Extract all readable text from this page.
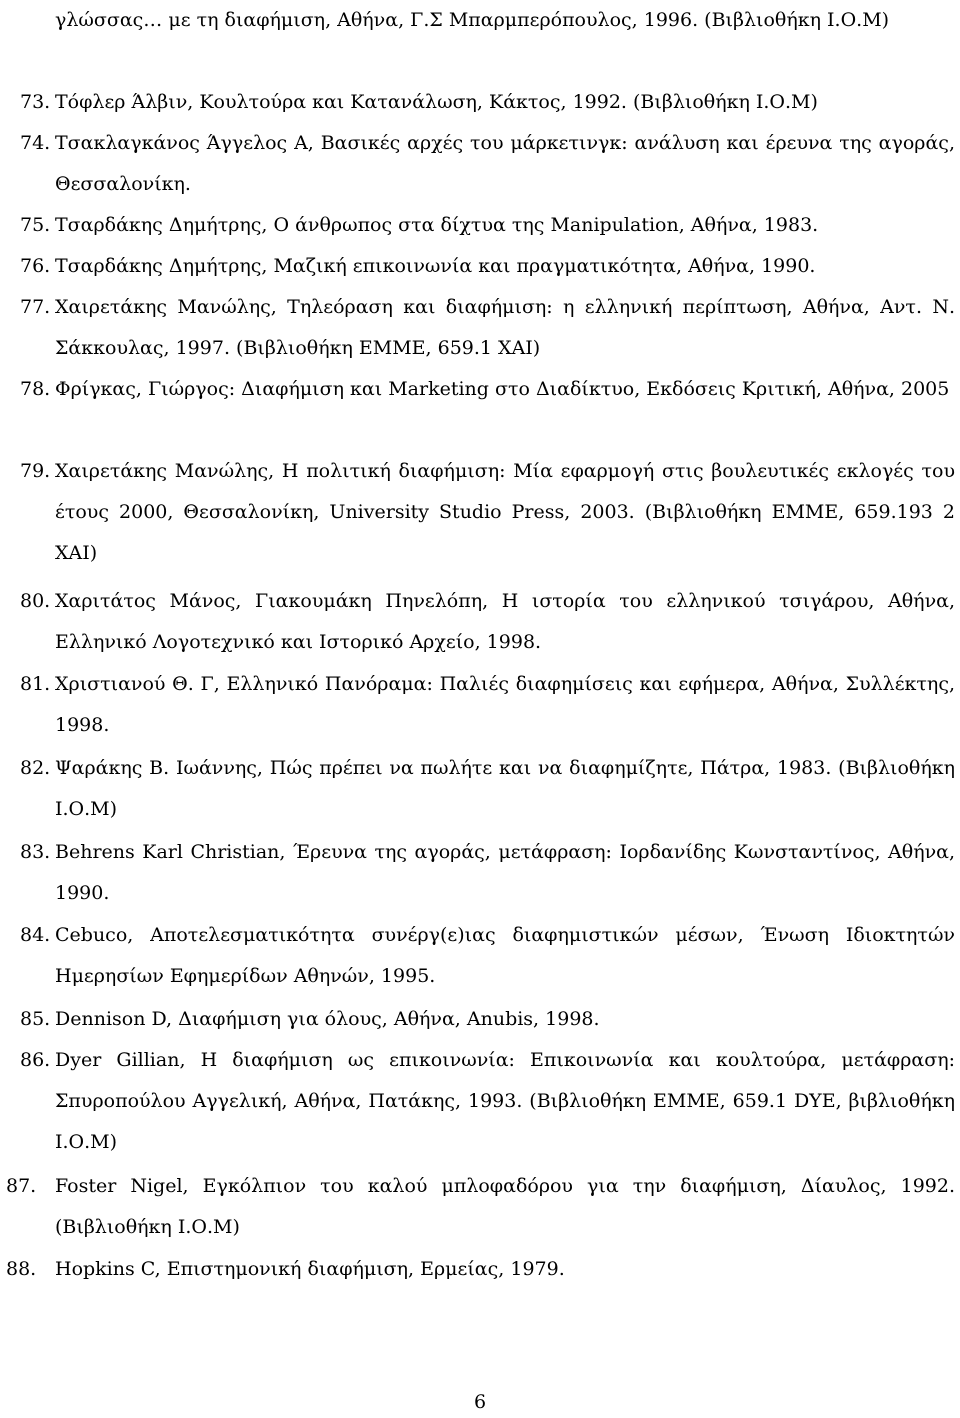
γλώσσας… με τη διαφήμιση, Αθήνα, Γ.Σ Μπαρμπερόπουλος, 1996. (Βιβλιοθήκη Ι.Ο.Μ)
73. Τόφλερ Άλβιν, Κουλτούρα και Κατανάλωση, Κάκτος, 1992. (Βιβλιοθήκη Ι.Ο.Μ)
74. Τσακλαγκάνος Άγγελος Α, Βασικές αρχές του μάρκετινγκ: ανάλυση και έρευνα της αγοράς, Θεσσαλονίκη.
75. Τσαρδάκης Δημήτρης, Ο άνθρωπος στα δίχτυα της Manipulation, Αθήνα, 1983.
76. Τσαρδάκης Δημήτρης, Μαζική επικοινωνία και πραγματικότητα, Αθήνα, 1990.
77. Χαιρετάκης Μανώλης, Τηλεόραση και διαφήμιση: η ελληνική περίπτωση, Αθήνα, Αντ. Ν. Σάκκουλας, 1997. (Βιβλιοθήκη ΕΜΜΕ, 659.1 ΧΑΙ)
78. Φρίγκας, Γιώργος: Διαφήμιση και Marketing στο Διαδίκτυο, Εκδόσεις Κριτική, Αθήνα, 2005
79. Χαιρετάκης Μανώλης, Η πολιτική διαφήμιση: Μία εφαρμογή στις βουλευτικές εκλογές του έτους 2000, Θεσσαλονίκη, University Studio Press, 2003. (Βιβλιοθήκη ΕΜΜΕ, 659.193 2 ΧΑΙ)
80. Χαριτάτος Μάνος, Γιακουμάκη Πηνελόπη, Η ιστορία του ελληνικού τσιγάρου, Αθήνα, Ελληνικό Λογοτεχνικό και Ιστορικό Αρχείο, 1998.
81. Χριστιανού Θ. Γ, Ελληνικό Πανόραμα: Παλιές διαφημίσεις και εφήμερα, Αθήνα, Συλλέκτης, 1998.
82. Ψαράκης Β. Ιωάννης, Πώς πρέπει να πωλήτε και να διαφημίζητε, Πάτρα, 1983. (Βιβλιοθήκη Ι.Ο.Μ)
83. Behrens Karl Christian, Έρευνα της αγοράς, μετάφραση: Ιορδανίδης Κωνσταντίνος, Αθήνα, 1990.
84. Cebuco, Αποτελεσματικότητα συνέργ(ε)ιας διαφημιστικών μέσων, Ένωση Ιδιοκτητών Ημερησίων Εφημερίδων Αθηνών, 1995.
85. Dennison D, Διαφήμιση για όλους, Αθήνα, Anubis, 1998.
86. Dyer Gillian, Η διαφήμιση ως επικοινωνία: Επικοινωνία και κουλτούρα, μετάφραση: Σπυροπούλου Αγγελική, Αθήνα, Πατάκης, 1993. (Βιβλιοθήκη ΕΜΜΕ, 659.1 DYE, βιβλιοθήκη Ι.Ο.Μ)
87. Foster Nigel, Εγκόλπιον του καλού μπλοφαδόρου για την διαφήμιση, Δίαυλος, 1992. (Βιβλιοθήκη Ι.Ο.Μ)
88. Hopkins C, Επιστημονική διαφήμιση, Ερμείας, 1979.
6
